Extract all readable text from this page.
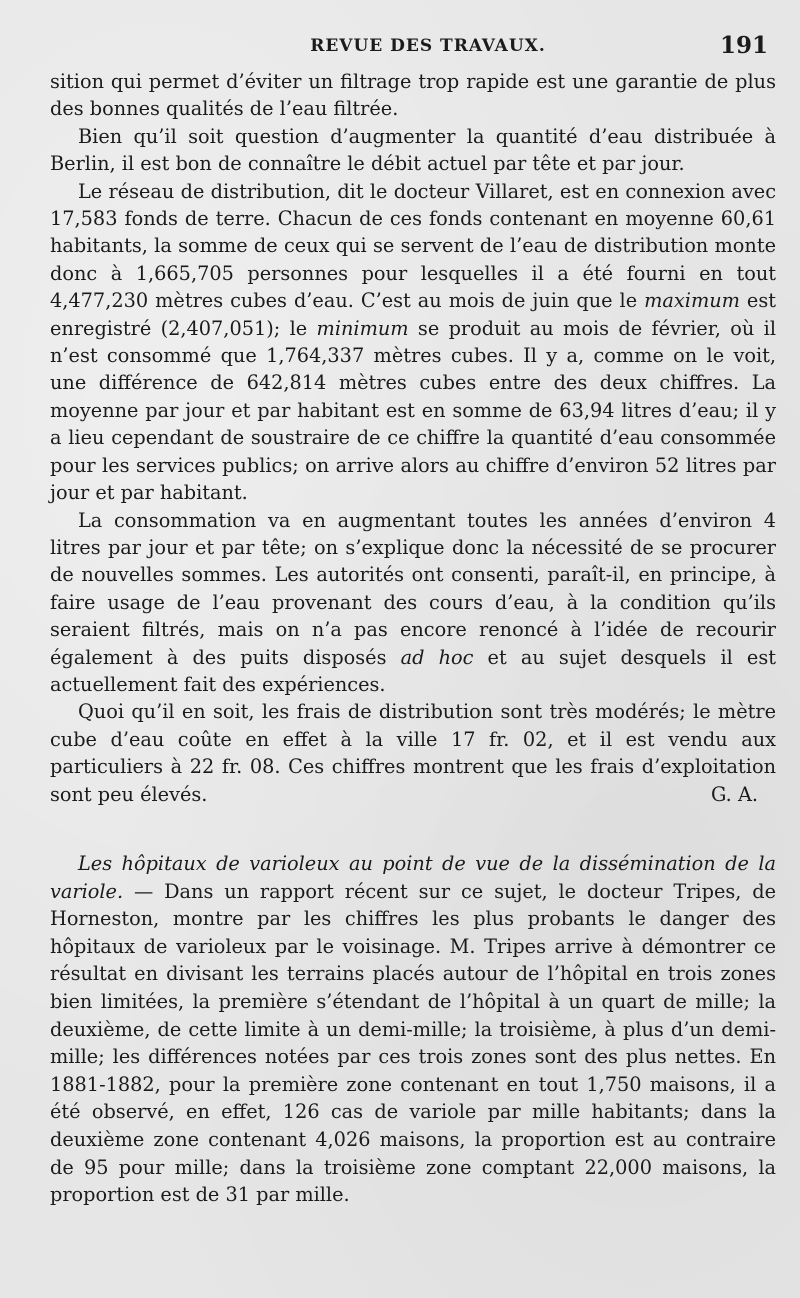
REVUE DES TRAVAUX.	191

sition qui permet d’éviter un filtrage trop rapide est une garantie de plus des bonnes qualités de l’eau filtrée.

Bien qu’il soit question d’augmenter la quantité d’eau distribuée à Berlin, il est bon de connaître le débit actuel par tête et par jour.

Le réseau de distribution, dit le docteur Villaret, est en connexion avec 17,583 fonds de terre. Chacun de ces fonds contenant en moyenne 60,61 habitants, la somme de ceux qui se servent de l’eau de distribution monte donc à 1,665,705 personnes pour lesquelles il a été fourni en tout 4,477,230 mètres cubes d’eau. C’est au mois de juin que le maximum est enregistré (2,407,051); le minimum se produit au mois de février, où il n’est consommé que 1,764,337 mètres cubes. Il y a, comme on le voit, une différence de 642,814 mètres cubes entre des deux chiffres. La moyenne par jour et par habitant est en somme de 63,94 litres d’eau; il y a lieu cependant de soustraire de ce chiffre la quantité d’eau consommée pour les services publics; on arrive alors au chiffre d’environ 52 litres par jour et par habitant.

La consommation va en augmentant toutes les années d’environ 4 litres par jour et par tête; on s’explique donc la nécessité de se procurer de nouvelles sommes. Les autorités ont consenti, paraît-il, en principe, à faire usage de l’eau provenant des cours d’eau, à la condition qu’ils seraient filtrés, mais on n’a pas encore renoncé à l’idée de recourir également à des puits disposés ad hoc et au sujet desquels il est actuellement fait des expériences.

Quoi qu’il en soit, les frais de distribution sont très modérés; le mètre cube d’eau coûte en effet à la ville 17 fr. 02, et il est vendu aux particuliers à 22 fr. 08. Ces chiffres montrent que les frais d’exploitation sont peu élevés.	G. A.

Les hôpitaux de varioleux au point de vue de la dissémination de la variole. — Dans un rapport récent sur ce sujet, le docteur Tripes, de Horneston, montre par les chiffres les plus probants le danger des hôpitaux de varioleux par le voisinage. M. Tripes arrive à démontrer ce résultat en divisant les terrains placés autour de l’hôpital en trois zones bien limitées, la première s’étendant de l’hôpital à un quart de mille; la deuxième, de cette limite à un demi-mille; la troisième, à plus d’un demi-mille; les différences notées par ces trois zones sont des plus nettes. En 1881-1882, pour la première zone contenant en tout 1,750 maisons, il a été observé, en effet, 126 cas de variole par mille habitants; dans la deuxième zone contenant 4,026 maisons, la proportion est au contraire de 95 pour mille; dans la troisième zone comptant 22,000 maisons, la proportion est de 31 par mille.
